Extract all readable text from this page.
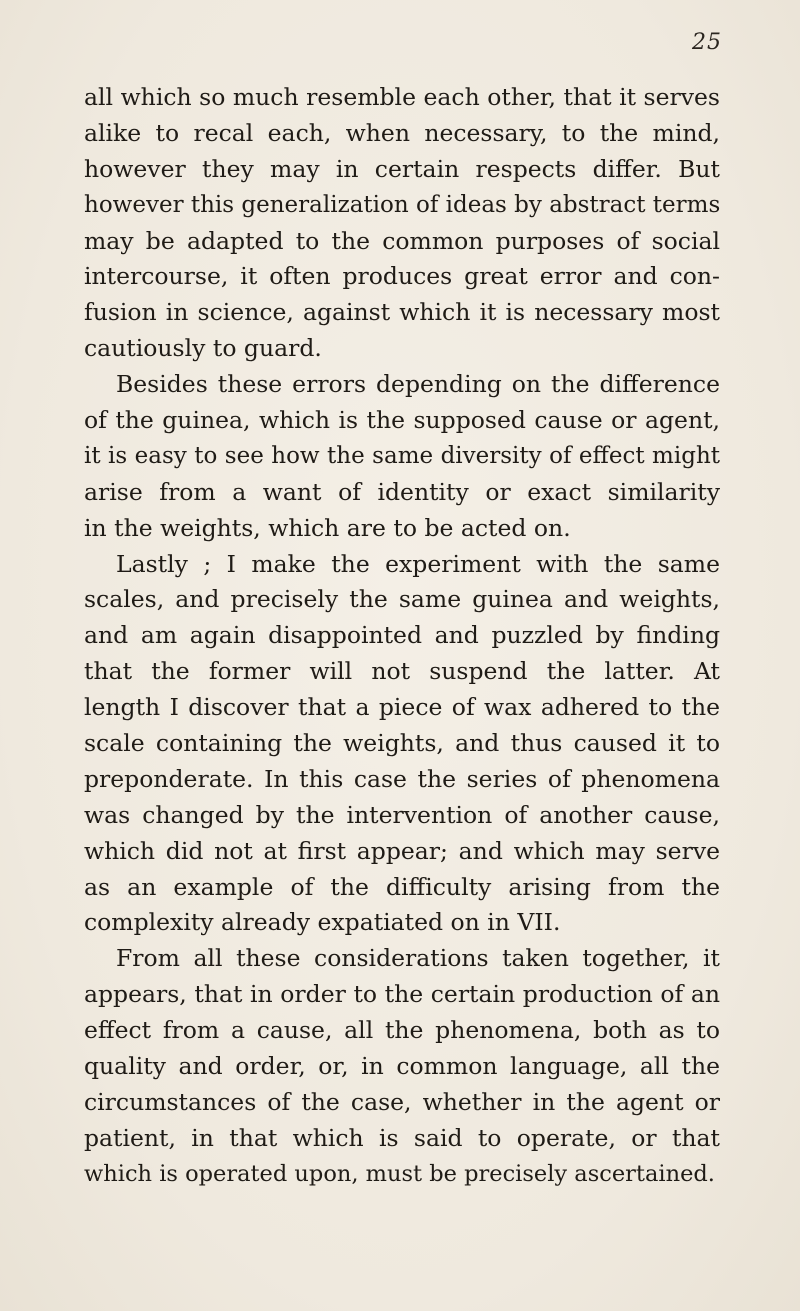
25
all which so much resemble each other, that it serves
alike to recal each, when necessary, to the mind,
however they may in certain respects differ. But
however this generalization of ideas by abstract terms
may be adapted to the common purposes of social
intercourse, it often produces great error and con-
fusion in science, against which it is necessary most
cautiously to guard.
Besides these errors depending on the difference
of the guinea, which is the supposed cause or agent,
it is easy to see how the same diversity of effect might
arise from a want of identity or exact similarity
in the weights, which are to be acted on.
Lastly ; I make the experiment with the same
scales, and precisely the same guinea and weights,
and am again disappointed and puzzled by finding
that the former will not suspend the latter. At
length I discover that a piece of wax adhered to the
scale containing the weights, and thus caused it to
preponderate. In this case the series of phenomena
was changed by the intervention of another cause,
which did not at first appear; and which may serve
as an example of the difficulty arising from the
complexity already expatiated on in VII.
From all these considerations taken together, it
appears, that in order to the certain production of an
effect from a cause, all the phenomena, both as to
quality and order, or, in common language, all the
circumstances of the case, whether in the agent or
patient, in that which is said to operate, or that
which is operated upon, must be precisely ascertained.
